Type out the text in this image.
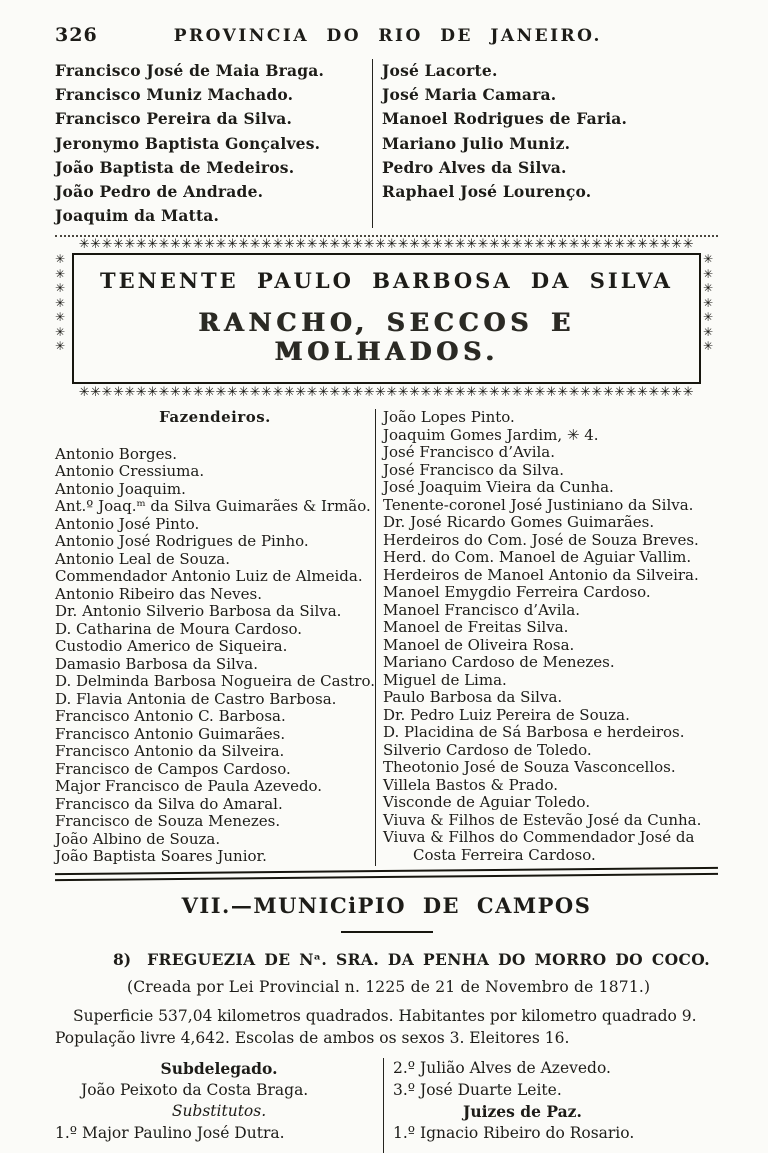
326	PROVINCIA DO RIO DE JANEIRO.
Francisco José de Maia Braga.
Francisco Muniz Machado.
Francisco Pereira da Silva.
Jeronymo Baptista Gonçalves.
João Baptista de Medeiros.
João Pedro de Andrade.
Joaquim da Matta.
José Lacorte.
José Maria Camara.
Manoel Rodrigues de Faria.
Mariano Julio Muniz.
Pedro Alves da Silva.
Raphael José Lourenço.
✳✳✳✳✳✳✳✳✳✳✳✳✳✳✳✳✳✳✳✳✳✳✳✳✳✳✳✳✳✳✳✳✳✳✳✳✳✳✳✳✳✳✳✳✳✳✳✳✳✳✳✳✳✳
✳✳✳✳✳✳✳
✳✳✳✳✳✳✳
TENENTE PAULO BARBOSA DA SILVA
RANCHO, SECCOS E MOLHADOS.
✳✳✳✳✳✳✳✳✳✳✳✳✳✳✳✳✳✳✳✳✳✳✳✳✳✳✳✳✳✳✳✳✳✳✳✳✳✳✳✳✳✳✳✳✳✳✳✳✳✳✳✳✳✳
Fazendeiros.
Antonio Borges.
Antonio Cressiuma.
Antonio Joaquim.
Ant.º Joaq.ᵐ da Silva Guimarães & Irmão.
Antonio José Pinto.
Antonio José Rodrigues de Pinho.
Antonio Leal de Souza.
Commendador Antonio Luiz de Almeida.
Antonio Ribeiro das Neves.
Dr. Antonio Silverio Barbosa da Silva.
D. Catharina de Moura Cardoso.
Custodio Americo de Siqueira.
Damasio Barbosa da Silva.
D. Delminda Barbosa Nogueira de Castro.
D. Flavia Antonia de Castro Barbosa.
Francisco Antonio C. Barbosa.
Francisco Antonio Guimarães.
Francisco Antonio da Silveira.
Francisco de Campos Cardoso.
Major Francisco de Paula Azevedo.
Francisco da Silva do Amaral.
Francisco de Souza Menezes.
João Albino de Souza.
João Baptista Soares Junior.
João Lopes Pinto.
Joaquim Gomes Jardim, ✳ 4.
José Francisco d’Avila.
José Francisco da Silva.
José Joaquim Vieira da Cunha.
Tenente-coronel José Justiniano da Silva.
Dr. José Ricardo Gomes Guimarães.
Herdeiros do Com. José de Souza Breves.
Herd. do Com. Manoel de Aguiar Vallim.
Herdeiros de Manoel Antonio da Silveira.
Manoel Emygdio Ferreira Cardoso.
Manoel Francisco d’Avila.
Manoel de Freitas Silva.
Manoel de Oliveira Rosa.
Mariano Cardoso de Menezes.
Miguel de Lima.
Paulo Barbosa da Silva.
Dr. Pedro Luiz Pereira de Souza.
D. Placidina de Sá Barbosa e herdeiros.
Silverio Cardoso de Toledo.
Theotonio José de Souza Vasconcellos.
Villela Bastos & Prado.
Visconde de Aguiar Toledo.
Viuva & Filhos de Estevão José da Cunha.
Viuva & Filhos do Commendador José da
Costa Ferreira Cardoso.
VII.—MUNICiPIO DE CAMPOS
8) FREGUEZIA DE Nᵃ. SRA. DA PENHA DO MORRO DO COCO.
(Creada por Lei Provincial n. 1225 de 21 de Novembro de 1871.)
Superficie 537,04 kilometros quadrados. Habitantes por kilometro quadrado 9.
População livre 4,642. Escolas de ambos os sexos 3. Eleitores 16.
Subdelegado.
João Peixoto da Costa Braga.
Substitutos.
1.º Major Paulino José Dutra.
2.º Julião Alves de Azevedo.
3.º José Duarte Leite.
Juizes de Paz.
1.º Ignacio Ribeiro do Rosario.
